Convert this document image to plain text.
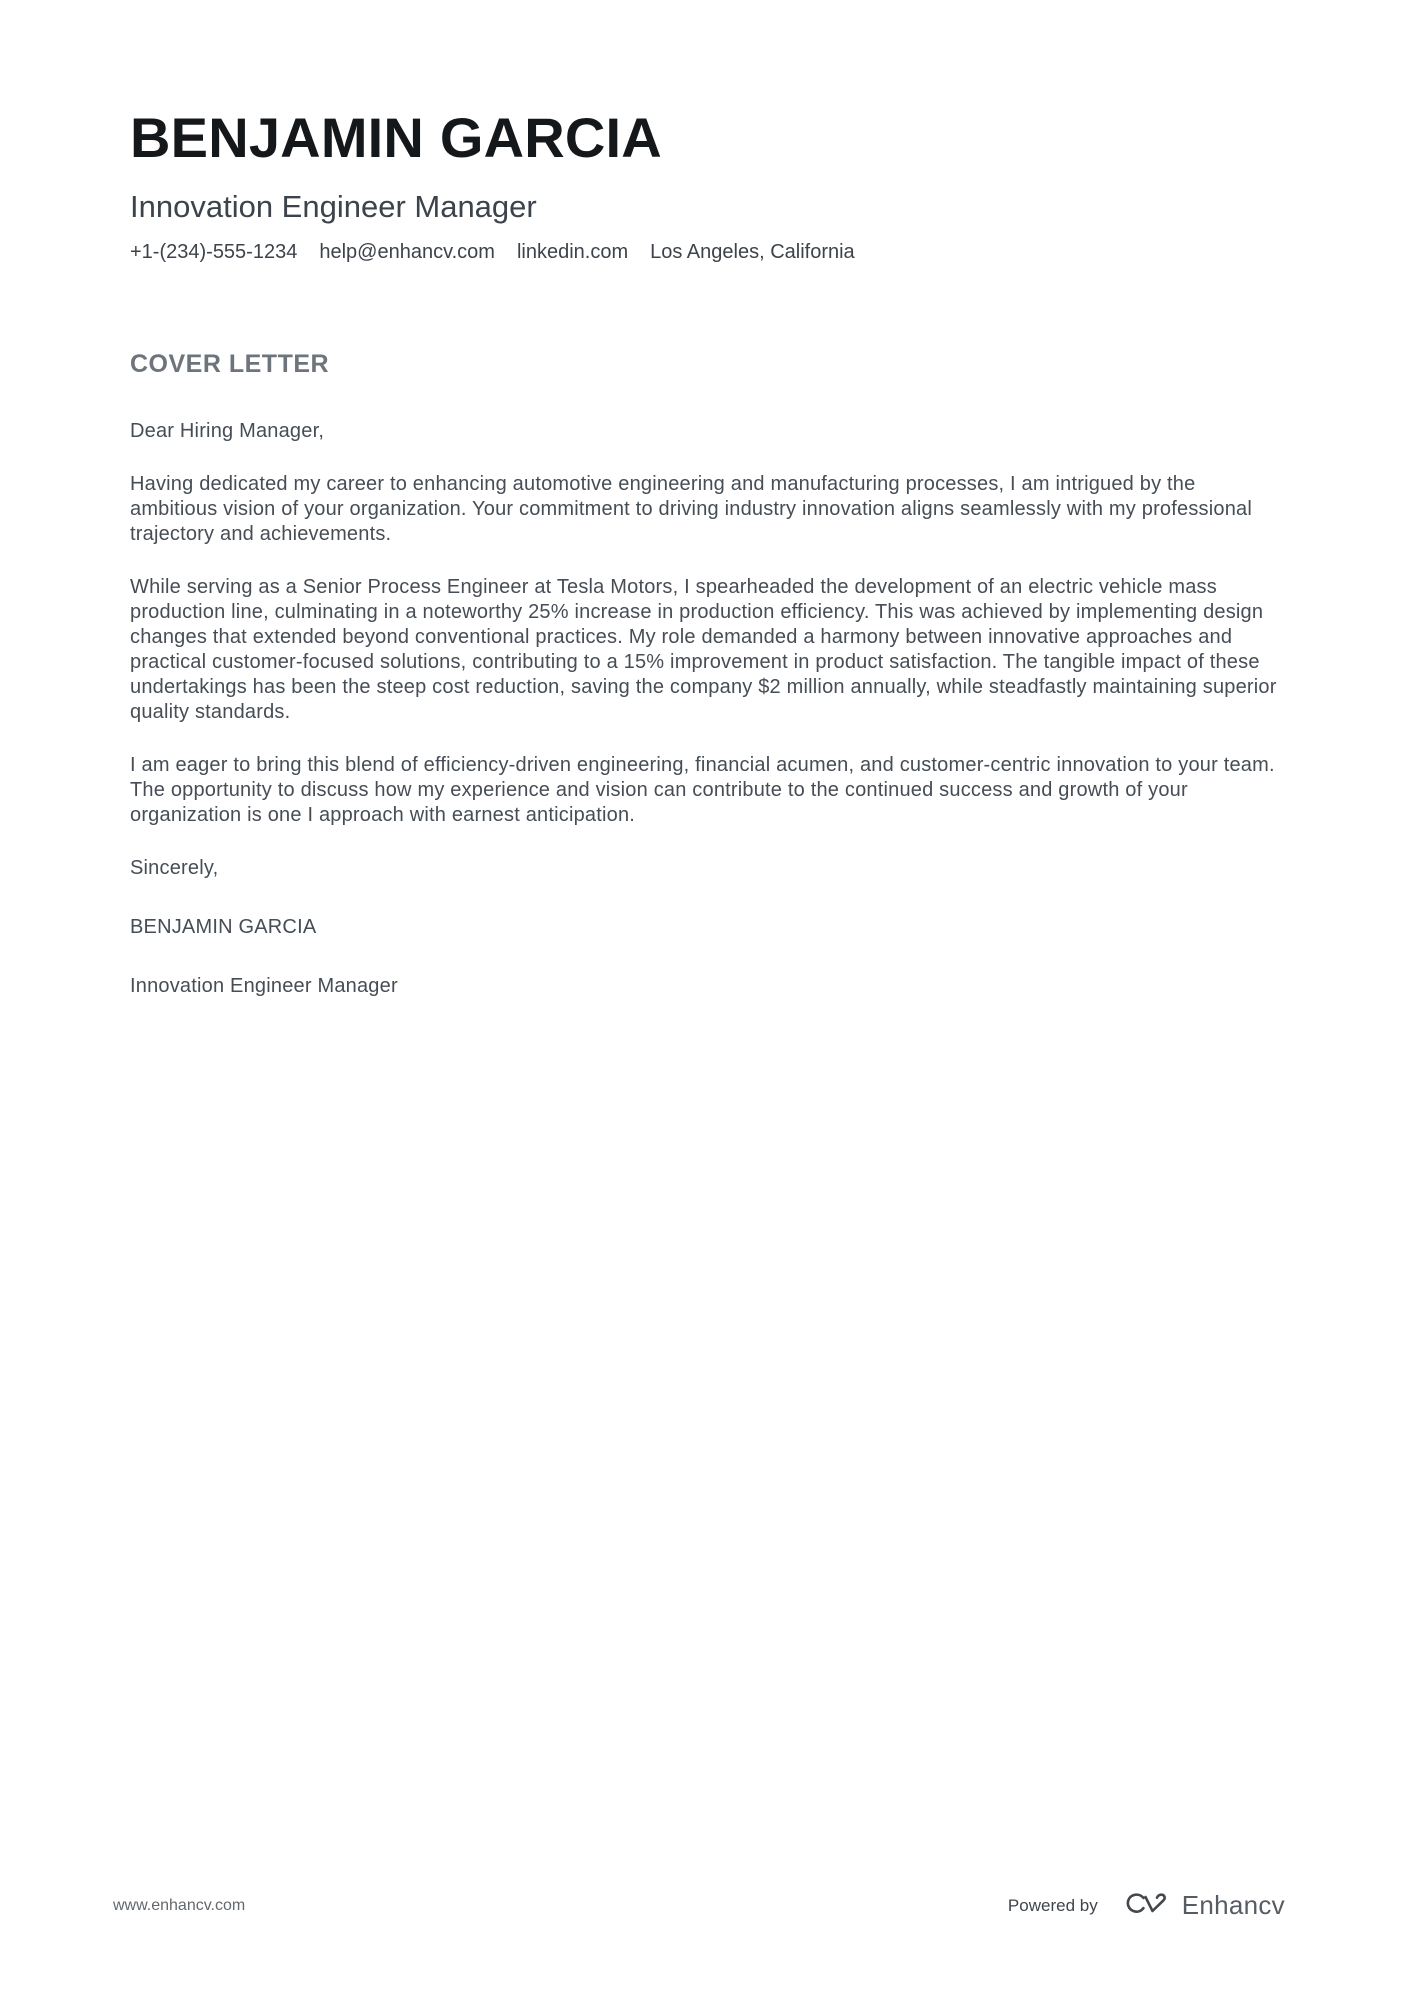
BENJAMIN GARCIA
Innovation Engineer Manager
+1-(234)-555-1234 help@enhancv.com linkedin.com Los Angeles, California
COVER LETTER

Dear Hiring Manager,

Having dedicated my career to enhancing automotive engineering and manufacturing processes, I am intrigued by the ambitious vision of your organization. Your commitment to driving industry innovation aligns seamlessly with my professional trajectory and achievements.

While serving as a Senior Process Engineer at Tesla Motors, I spearheaded the development of an electric vehicle mass production line, culminating in a noteworthy 25% increase in production efficiency. This was achieved by implementing design changes that extended beyond conventional practices. My role demanded a harmony between innovative approaches and practical customer-focused solutions, contributing to a 15% improvement in product satisfaction. The tangible impact of these undertakings has been the steep cost reduction, saving the company $2 million annually, while steadfastly maintaining superior quality standards.

I am eager to bring this blend of efficiency-driven engineering, financial acumen, and customer-centric innovation to your team. The opportunity to discuss how my experience and vision can contribute to the continued success and growth of your organization is one I approach with earnest anticipation.

Sincerely,

BENJAMIN GARCIA

Innovation Engineer Manager

www.enhancv.com	Powered by	Enhancv
